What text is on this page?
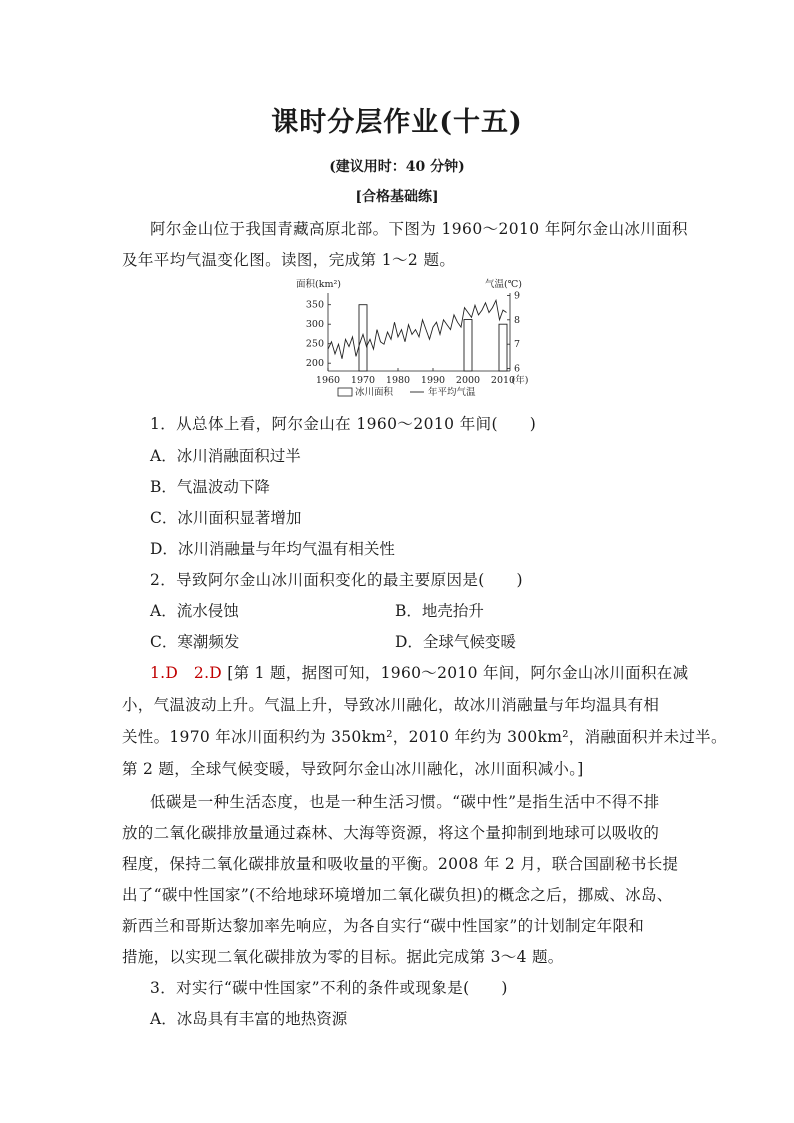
课时分层作业(十五)
(建议用时：40 分钟)
[合格基础练]
阿尔金山位于我国青藏高原北部。下图为 1960～2010 年阿尔金山冰川面积
及年平均气温变化图。读图，完成第 1～2 题。
350
300
250
200
9
8
7
6
1960 1970 1980 1990 2000 2010
(年)
面积(km²)	气温(℃)
冰川面积	年平均气温
1．从总体上看，阿尔金山在 1960～2010 年间(　　)
A．冰川消融面积过半
B．气温波动下降
C．冰川面积显著增加
D．冰川消融量与年均气温有相关性
2．导致阿尔金山冰川面积变化的最主要原因是(　　)
A．流水侵蚀	B．地壳抬升
C．寒潮频发	D．全球气候变暖
1.D　2.D [第 1 题，据图可知，1960～2010 年间，阿尔金山冰川面积在减
小，气温波动上升。气温上升，导致冰川融化，故冰川消融量与年均温具有相
关性。1970 年冰川面积约为 350km²，2010 年约为 300km²，消融面积并未过半。
第 2 题，全球气候变暖，导致阿尔金山冰川融化，冰川面积减小。]
低碳是一种生活态度，也是一种生活习惯。“碳中性”是指生活中不得不排
放的二氧化碳排放量通过森林、大海等资源，将这个量抑制到地球可以吸收的
程度，保持二氧化碳排放量和吸收量的平衡。2008 年 2 月，联合国副秘书长提
出了“碳中性国家”(不给地球环境增加二氧化碳负担)的概念之后，挪威、冰岛、
新西兰和哥斯达黎加率先响应，为各自实行“碳中性国家”的计划制定年限和
措施，以实现二氧化碳排放为零的目标。据此完成第 3～4 题。
3．对实行“碳中性国家”不利的条件或现象是(　　)
A．冰岛具有丰富的地热资源
